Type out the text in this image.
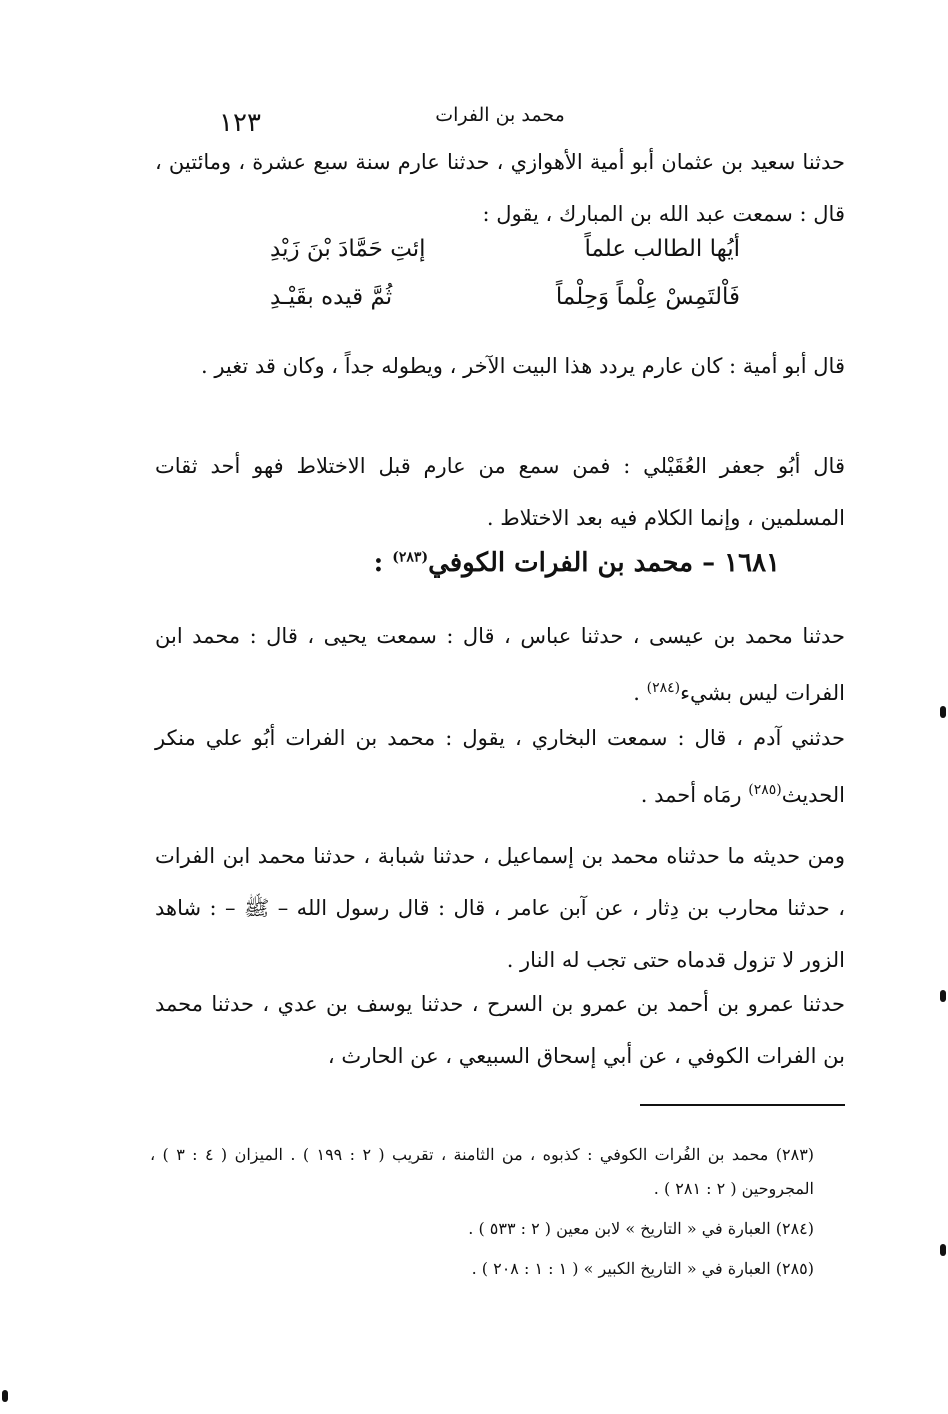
محمد بن الفرات
١٢٣
حدثنا سعيد بن عثمان أبو أمية الأهوازي ، حدثنا عارم سنة سبع عشرة ، ومائتين ، قال : سمعت عبد الله بن المبارك ، يقول :
أيُها الطالب علماً
إئتِ حَمَّادَ بْنَ زَيْدِ
فَاْلتَمِسْ عِلْماً وَحِلْماً
ثُمَّ قيده بقَيْـدِ
قال أبو أمية : كان عارم يردد هذا البيت الآخر ، ويطوله جداً ، وكان قد تغير .
قال أبُو جعفر العُقَيْلي : فمن سمع من عارم قبل الاختلاط فهو أحد ثقات المسلمين ، وإنما الكلام فيه بعد الاختلاط .
١٦٨١ – محمد بن الفرات الكوفي$^{(٢٨٣)}$ :
حدثنا محمد بن عيسى ، حدثنا عباس ، قال : سمعت يحيى ، قال : محمد ابن الفرات ليس بشيء$^{(٢٨٤)}$ .
حدثني آدم ، قال : سمعت البخاري ، يقول : محمد بن الفرات أبُو علي منكر الحديث$^{(٢٨٥)}$ رمَاه أحمد .
ومن حديثه ما حدثناه محمد بن إسماعيل ، حدثنا شبابة ، حدثنا محمد ابن الفرات ، حدثنا محارب بن دِثار ، عن آبن عامر ، قال : قال رسول الله – ﷺ – : شاهد الزور لا تزول قدماه حتى تجب له النار .
حدثنا عمرو بن أحمد بن عمرو بن السرح ، حدثنا يوسف بن عدي ، حدثنا محمد بن الفرات الكوفي ، عن أبي إسحاق السبيعي ، عن الحارث ،

(٢٨٣) محمد بن الفُرات الكوفي : كذبوه ، من الثامنة ، تقريب ( ٢ : ١٩٩ ) . الميزان ( ٤ : ٣ ) ، المجروحين ( ٢ : ٢٨١ ) .

(٢٨٤) العبارة في « التاريخ » لابن معين ( ٢ : ٥٣٣ ) .

(٢٨٥) العبارة في « التاريخ الكبير » ( ١ : ١ : ٢٠٨ ) .
